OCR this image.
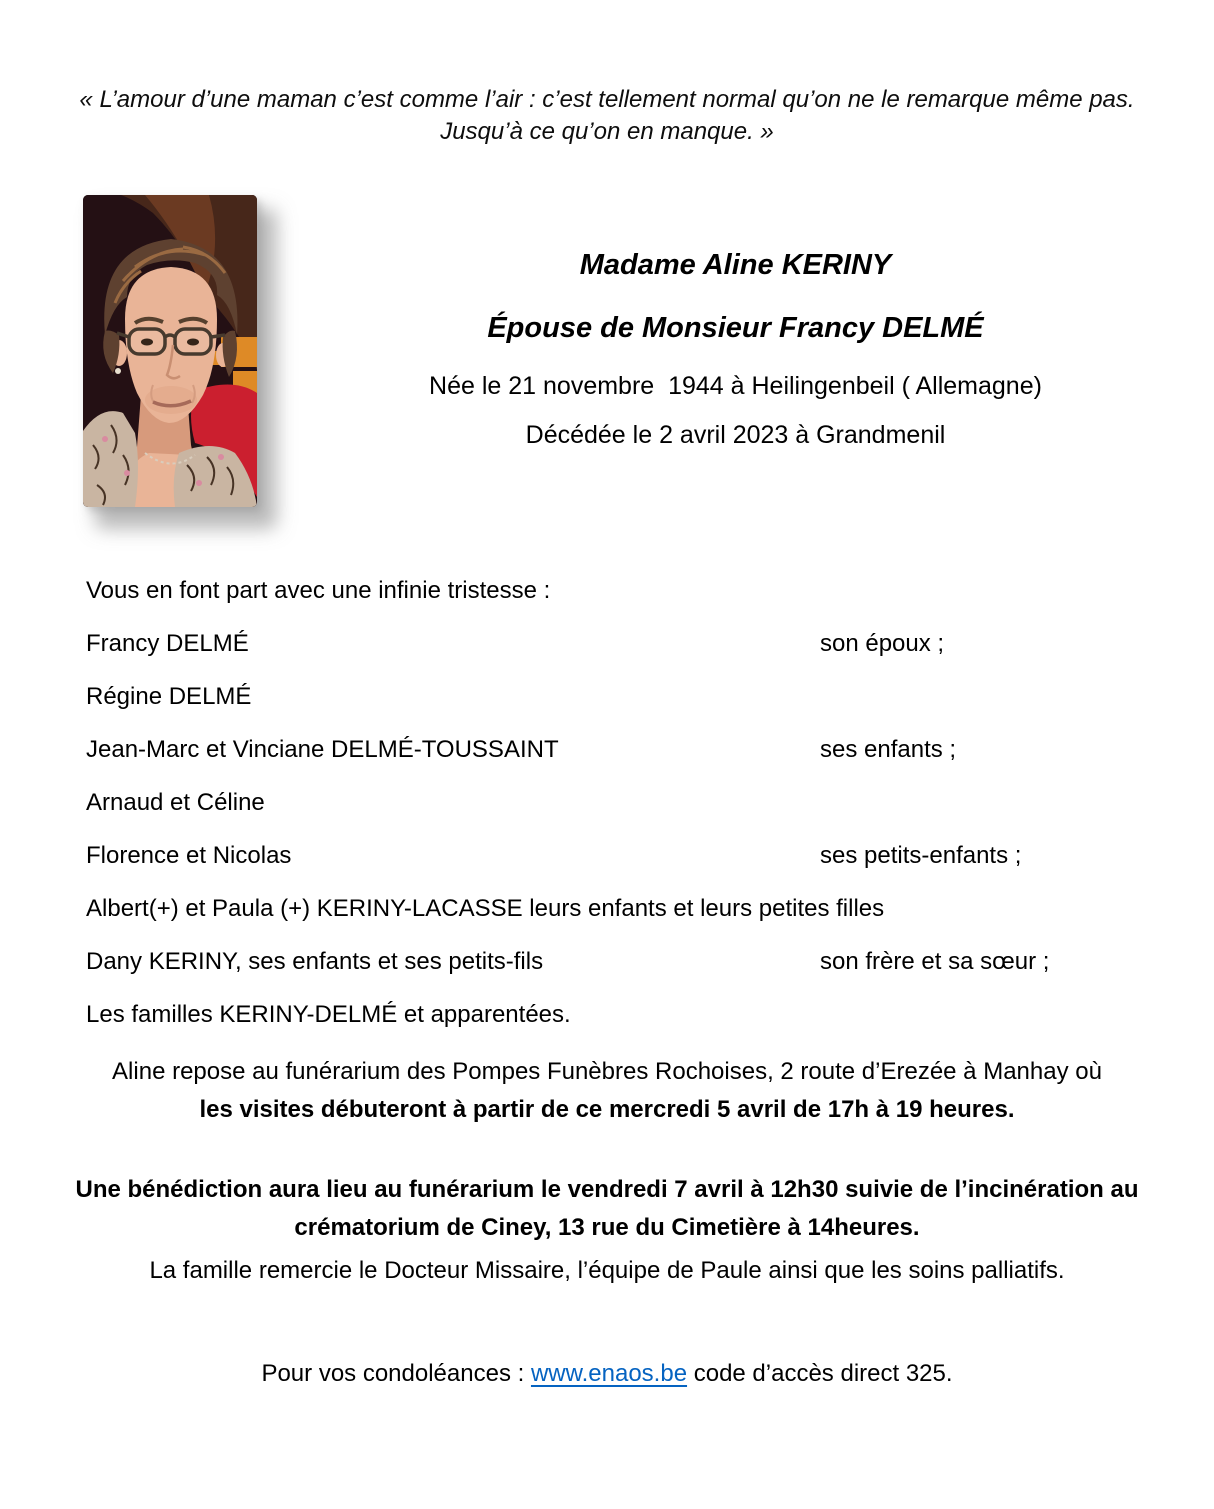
« L’amour d’une maman c’est comme l’air : c’est tellement normal qu’on ne le remarque même pas.
Jusqu’à ce qu’on en manque. »
Madame Aline KERINY
Épouse de Monsieur Francy DELMÉ
Née le 21 novembre  1944 à Heilingenbeil ( Allemagne)
Décédée le 2 avril 2023 à Grandmenil
Vous en font part avec une infinie tristesse :
Francy DELMÉ	son époux ;
Régine DELMÉ
Jean-Marc et Vinciane DELMÉ-TOUSSAINT	ses enfants ;
Arnaud et Céline
Florence et Nicolas	ses petits-enfants ;
Albert(+) et Paula (+) KERINY-LACASSE leurs enfants et leurs petites filles
Dany KERINY, ses enfants et ses petits-fils	son frère et sa sœur ;
Les familles KERINY-DELMÉ et apparentées.
Aline repose au funérarium des Pompes Funèbres Rochoises, 2 route d’Erezée à Manhay où
les visites débuteront à partir de ce mercredi 5 avril de 17h à 19 heures.
Une bénédiction aura lieu au funérarium le vendredi 7 avril à 12h30 suivie de l’incinération au
crématorium de Ciney, 13 rue du Cimetière à 14heures.
La famille remercie le Docteur Missaire, l’équipe de Paule ainsi que les soins palliatifs.
Pour vos condoléances : www.enaos.be code d’accès direct 325.
